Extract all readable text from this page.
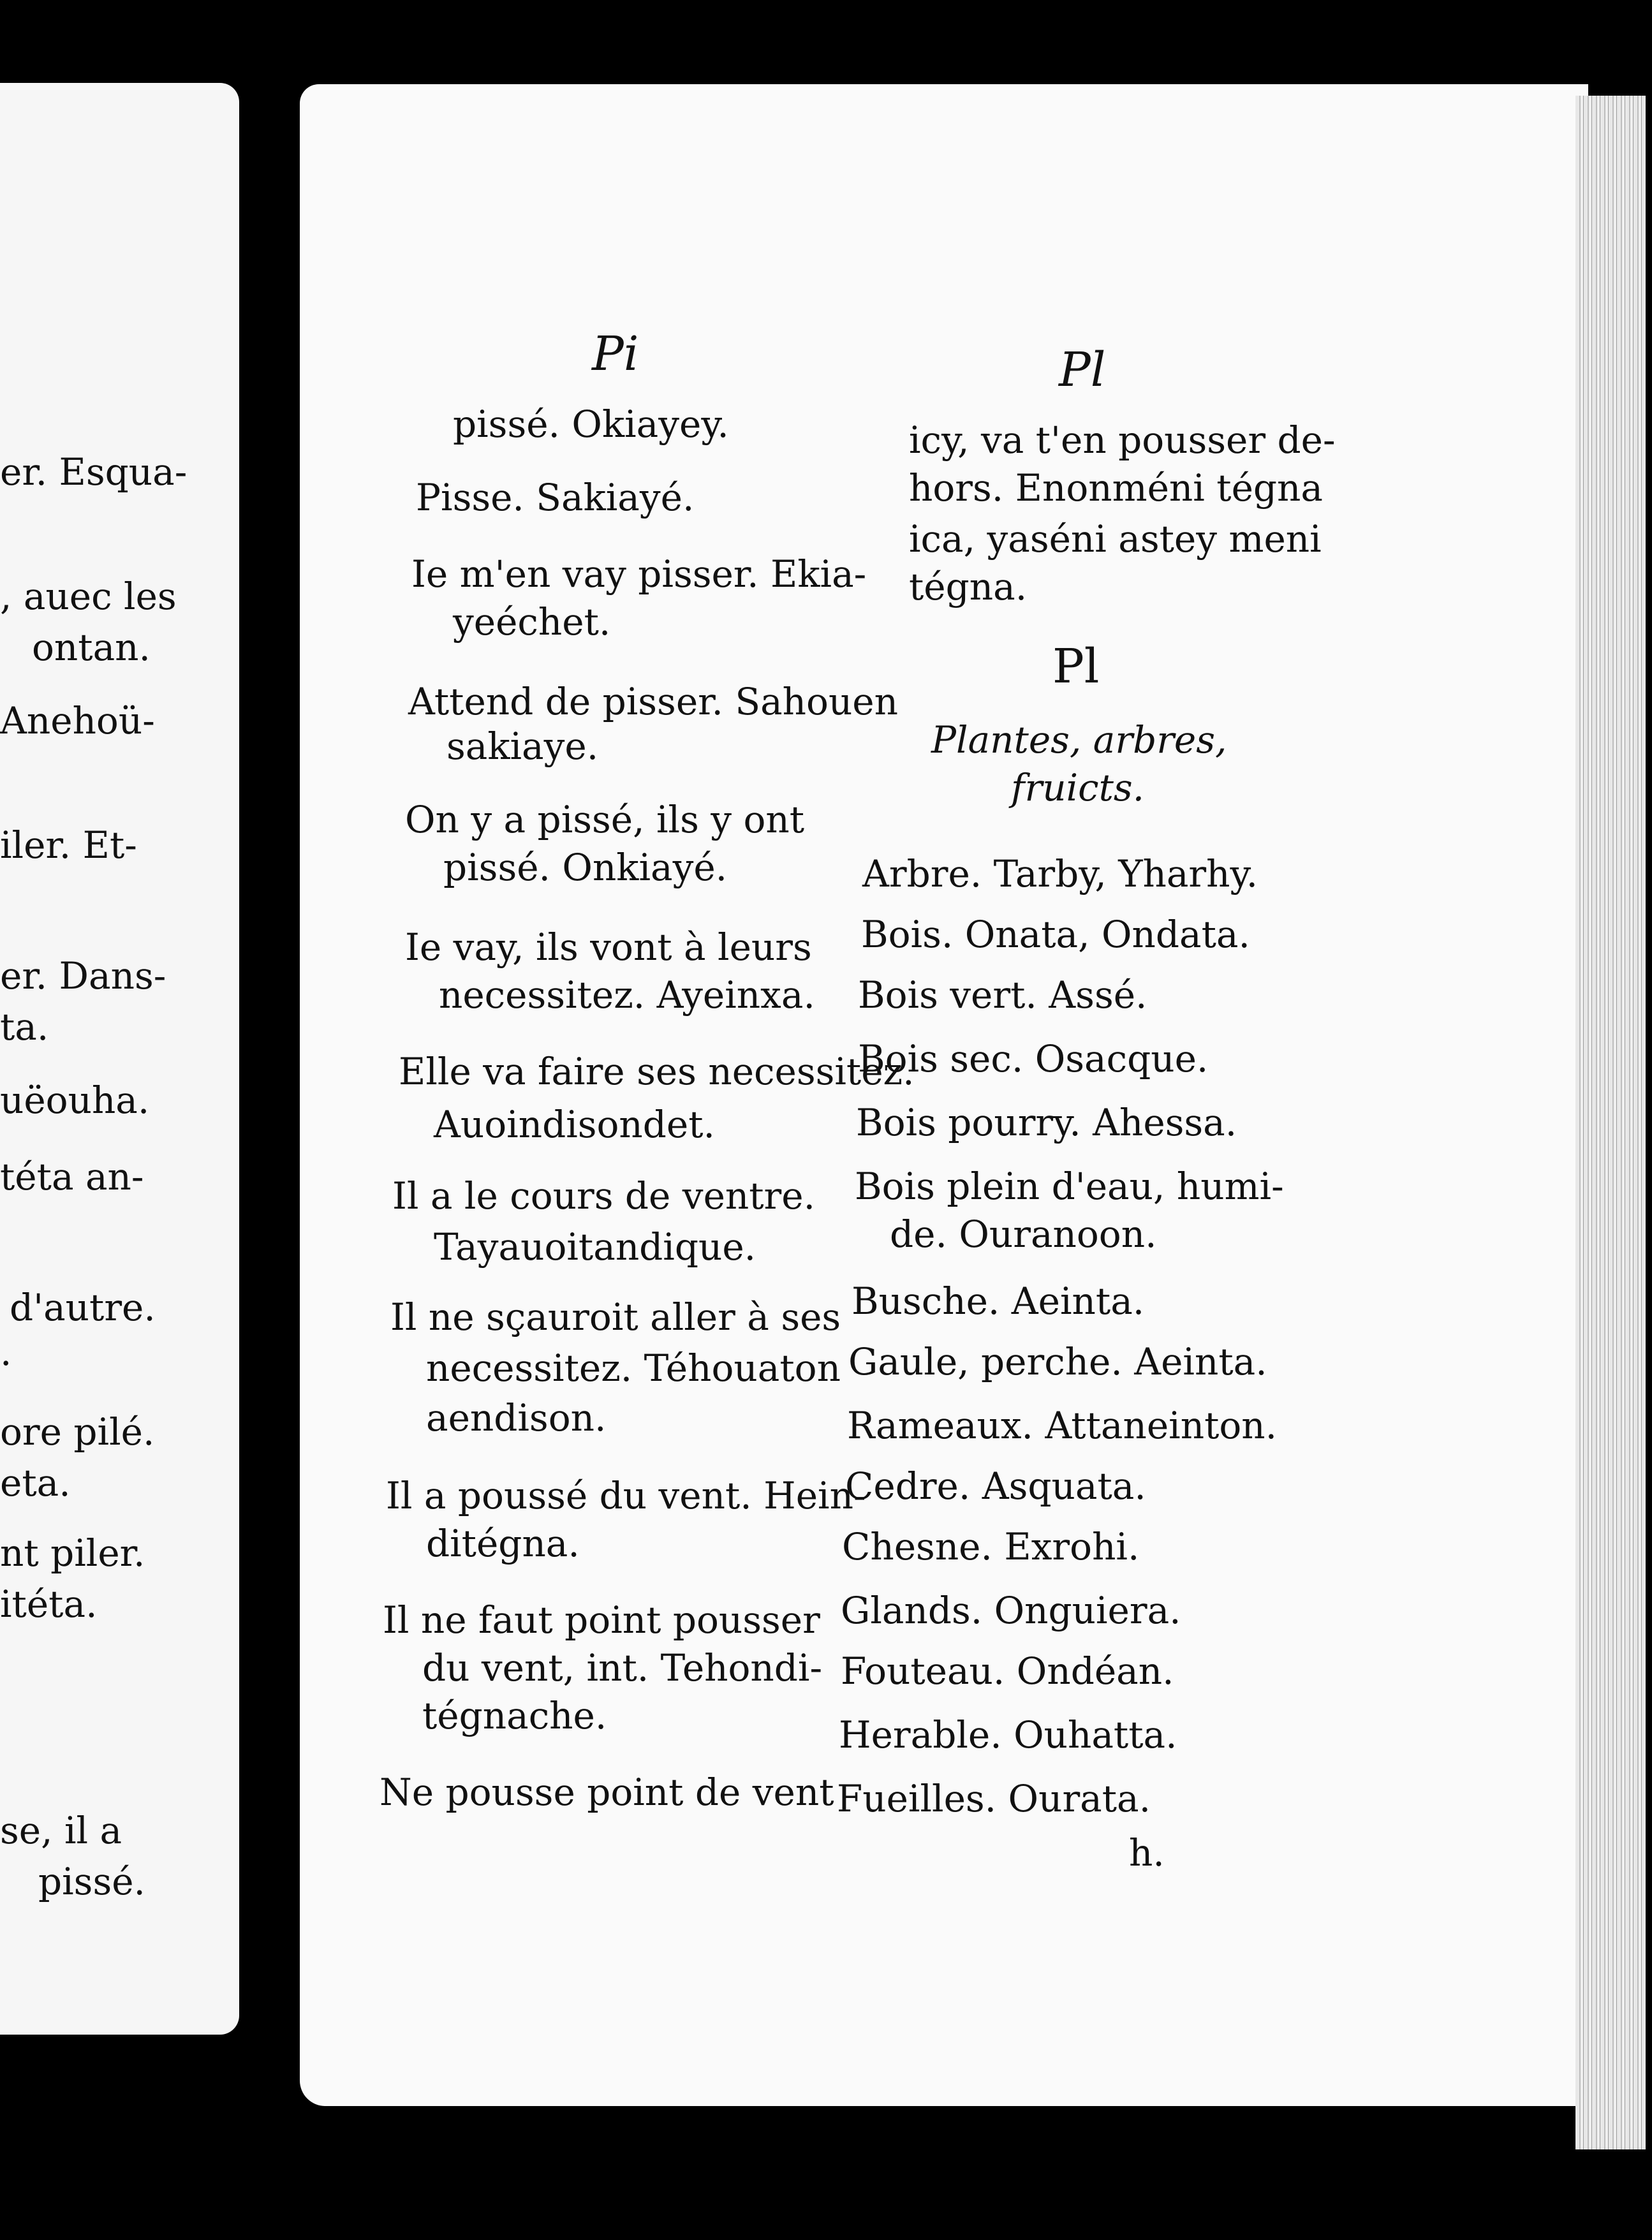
er. Esqua-
, auec les
ontan.
Anehoü-
iler. Et-
er. Dans-
ta.
uëouha.
téta an-
d'autre.
.
ore pilé.
eta.
nt piler.
itéta.
se, il a
pissé.
Pi
pissé. Okiayey.
Pisse. Sakiayé.
Ie m'en vay pisser. Ekia-
yeéchet.
Attend de pisser. Sahouen
sakiaye.
On y a pissé, ils y ont
pissé. Onkiayé.
Ie vay, ils vont à leurs
necessitez. Ayeinxa.
Elle va faire ses necessitez.
Auoindisondet.
Il a le cours de ventre.
Tayauoitandique.
Il ne sçauroit aller à ses
necessitez. Téhouaton
aendison.
Il a poussé du vent. Hein-
ditégna.
Il ne faut point pousser
du vent, int. Tehondi-
tégnache.
Ne pousse point de vent
Pl
icy, va t'en pousser de-
hors. Enonméni tégna
ica, yaséni astey meni
tégna.
Pl
Plantes, arbres,
fruicts.
Arbre. Tarby, Yharhy.
Bois. Onata, Ondata.
Bois vert. Assé.
Bois sec. Osacque.
Bois pourry. Ahessa.
Bois plein d'eau, humi-
de. Ouranoon.
Busche. Aeinta.
Gaule, perche. Aeinta.
Rameaux. Attaneinton.
Cedre. Asquata.
Chesne. Exrohi.
Glands. Onguiera.
Fouteau. Ondéan.
Herable. Ouhatta.
Fueilles. Ourata.
h.
